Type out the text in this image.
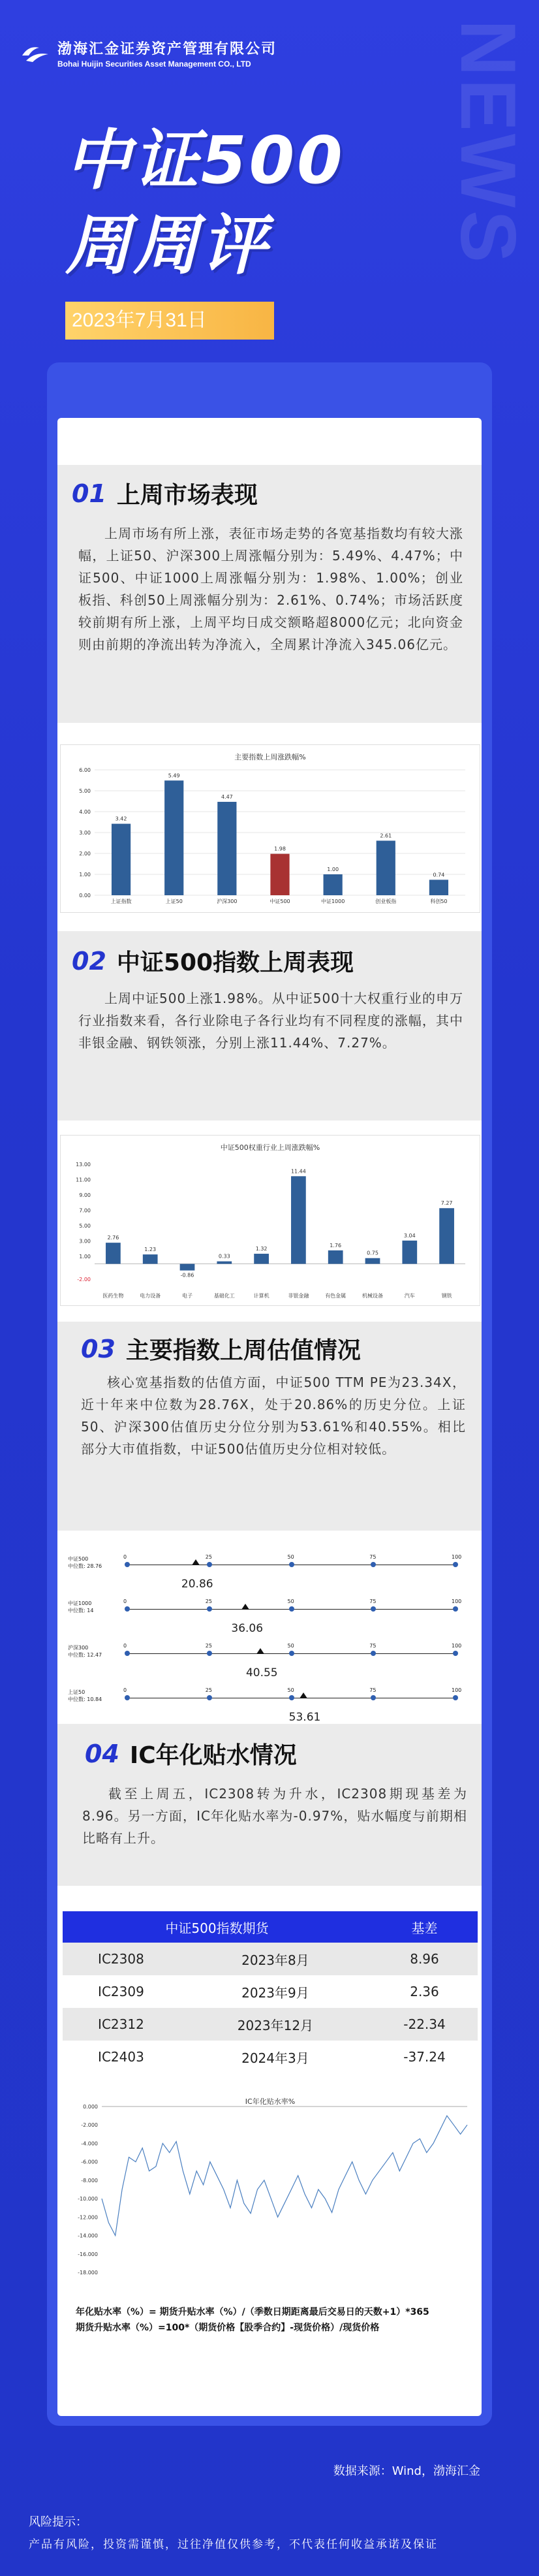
渤海汇金证券资产管理有限公司
Bohai Huijin Securities Asset Management CO., LTD	NEWS
中证500
周周评
2023年7月31日
01 上周市场表现
上周市场有所上涨，表征市场走势的各宽基指数均有较大涨幅，上证50、沪深300上周涨幅分别为：5.49%、4.47%；中证500、中证1000上周涨幅分别为：1.98%、1.00%；创业板指、科创50上周涨幅分别为：2.61%、0.74%；市场活跃度较前期有所上涨，上周平均日成交额略超8000亿元；北向资金则由前期的净流出转为净流入，全周累计净流入345.06亿元。
主要指数上周涨跌幅%
0.00
1.00
2.00
3.00
4.00
5.00
6.00
3.42
上证指数
5.49
上证50
4.47
沪深300
1.98
中证500
1.00
中证1000
2.61
创业板指
0.74
科创50
02 中证500指数上周表现
上周中证500上涨1.98%。从中证500十大权重行业的申万行业指数来看，各行业除电子各行业均有不同程度的涨幅，其中非银金融、钢铁领涨，分别上涨11.44%、7.27%。
中证500权重行业上周涨跌幅%
-2.00
1.00
3.00
5.00
7.00
9.00
11.00
13.00
2.76
医药生物
1.23
电力设备
-0.86
电子
0.33
基础化工
1.32
计算机
11.44
非银金融
1.76
有色金属
0.75
机械设备
3.04
汽车
7.27
钢铁
03 主要指数上周估值情况
核心宽基指数的估值方面，中证500 TTM PE为23.34X，近十年来中位数为28.76X，处于20.86%的历史分位。上证50、沪深300估值历史分位分别为53.61%和40.55%。相比部分大市值指数，中证500估值历史分位相对较低。
中证500
中位数: 28.76
0	25	50	75	100
20.86
中证1000
中位数: 14
0	25	50	75	100
36.06
沪深300
中位数: 12.47
0	25	50	75	100
40.55
上证50
中位数: 10.84
0	25	50	75	100
53.61
04 IC年化贴水情况
截至上周五，IC2308转为升水，IC2308期现基差为8.96。另一方面，IC年化贴水率为-0.97%，贴水幅度与前期相比略有上升。
中证500指数期货		基差
IC2308	2023年8月	8.96
IC2309	2023年9月	2.36
IC2312	2023年12月	-22.34
IC2403	2024年3月	-37.24
IC年化贴水率%
0.000
-2.000
-4.000
-6.000
-8.000
-10.000
-12.000
-14.000
-16.000
-18.000
年化贴水率（%）= 期货升贴水率（%）/（季数日期距离最后交易日的天数+1）*365
期货升贴水率（%）=100*（期货价格【股季合约】-现货价格）/现货价格
数据来源：Wind，渤海汇金
风险提示：
产品有风险，投资需谨慎，过往净值仅供参考，不代表任何收益承诺及保证
